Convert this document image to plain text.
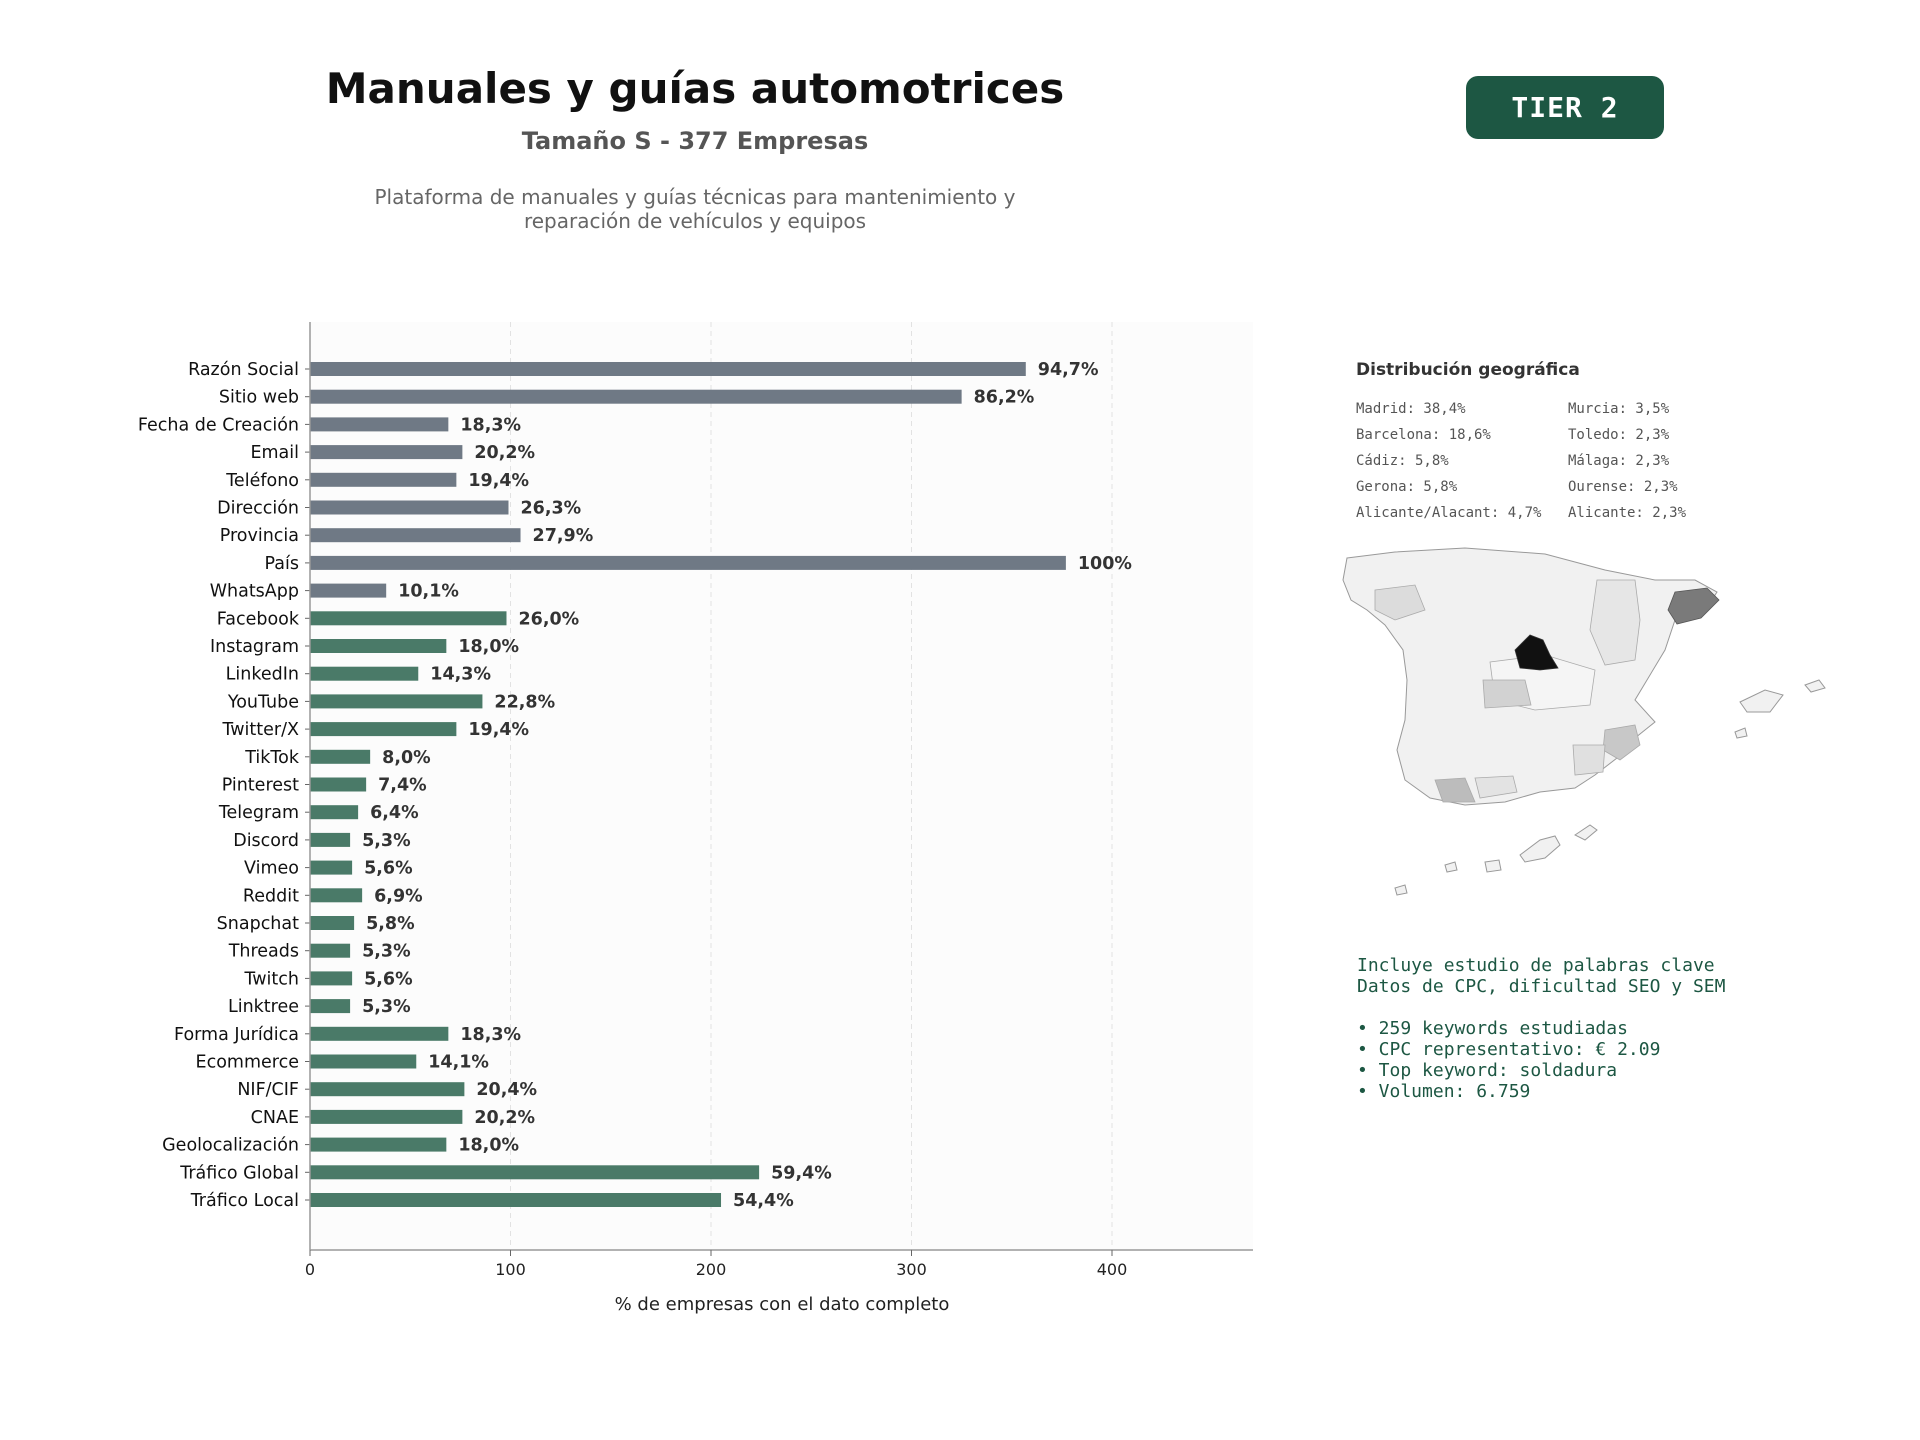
Manuales y guías automotrices
Tamaño S - 377 Empresas
Plataforma de manuales y guías técnicas para mantenimiento y
reparación de vehículos y equipos
TIER 2
Razón Social
Sitio web
Fecha de Creación
Email
Teléfono
Dirección
Provincia
País
WhatsApp
Facebook
Instagram
LinkedIn
YouTube
Twitter/X
TikTok
Pinterest
Telegram
Discord
Vimeo
Reddit
Snapchat
Threads
Twitch
Linktree
Forma Jurídica
Ecommerce
NIF/CIF
CNAE
Geolocalización
Tráfico Global
Tráfico Local
94,7%
86,2%
18,3%
20,2%
19,4%
26,3%
27,9%
100%
10,1%
26,0%
18,0%
14,3%
22,8%
19,4%
8,0%
7,4%
6,4%
5,3%
5,6%
6,9%
5,8%
5,3%
5,6%
5,3%
18,3%
14,1%
20,4%
20,2%
18,0%
59,4%
54,4%
0	100	200	300	400
% de empresas con el dato completo
Distribución geográfica
Madrid: 38,4%
Barcelona: 18,6%
Cádiz: 5,8%
Gerona: 5,8%
Alicante/Alacant: 4,7%
Murcia: 3,5%
Toledo: 2,3%
Málaga: 2,3%
Ourense: 2,3%
Alicante: 2,3%
Incluye estudio de palabras clave
Datos de CPC, dificultad SEO y SEM
• 259 keywords estudiadas
• CPC representativo: € 2.09
• Top keyword: soldadura
• Volumen: 6.759
